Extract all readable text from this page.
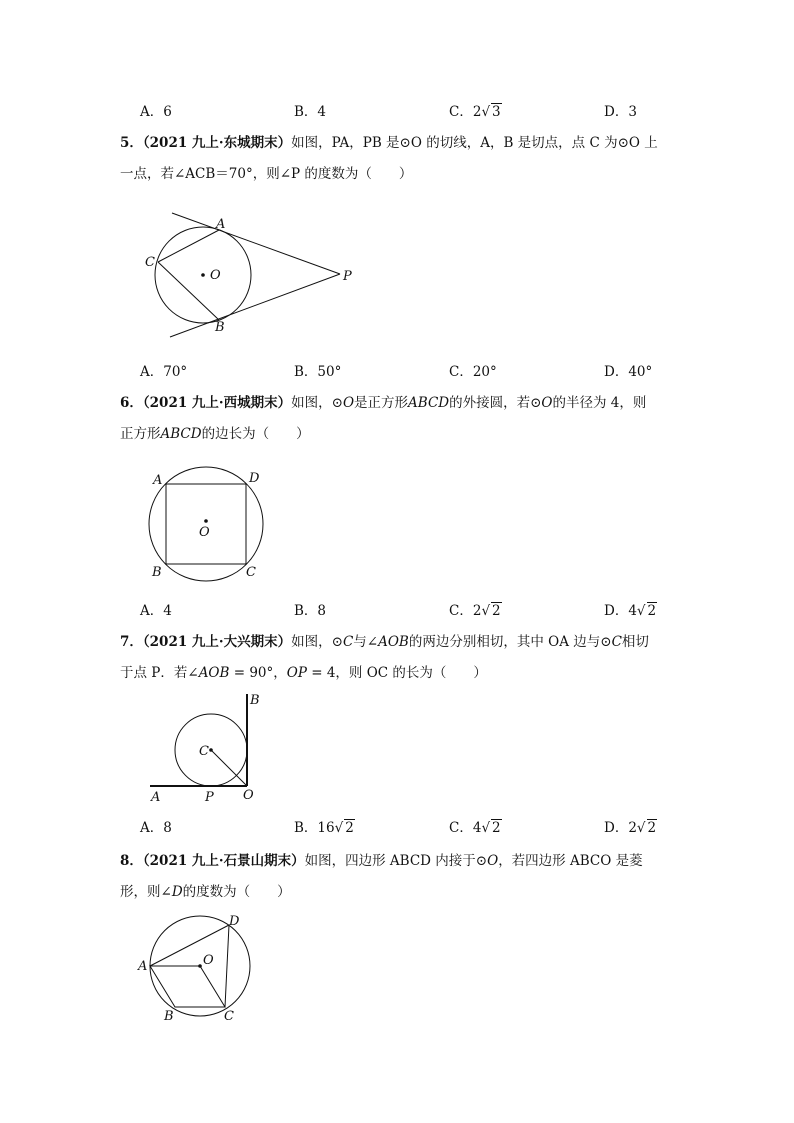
A．6	B．4	C．2√ 3	D．3
5．（2021 九上·东城期末）如图，PA，PB 是⊙O 的切线，A，B 是切点，点 C 为⊙O 上
一点，若∠ACB＝70°，则∠P 的度数为（　　）
A
C
O	P
B
A．70°	B．50°	C．20°	D．40°
6．（2021 九上·西城期末）如图，⊙O是正方形ABCD的外接圆，若⊙O的半径为 4，则
正方形ABCD的边长为（　　）
A	D
O
B	C
A．4	B．8	C．2√ 2	D．4√ 2
7．（2021 九上·大兴期末）如图，⊙C与∠AOB的两边分别相切，其中 OA 边与⊙C相切
于点 P．若∠AOB = 90°，OP = 4，则 OC 的长为（　　）
B
C
A	P O
A．8	B．16√ 2	C．4√ 2	D．2√ 2
8．（2021 九上·石景山期末）如图，四边形 ABCD 内接于⊙O，若四边形 ABCO 是菱
形，则∠D的度数为（　　）
D
O
A
B	C
